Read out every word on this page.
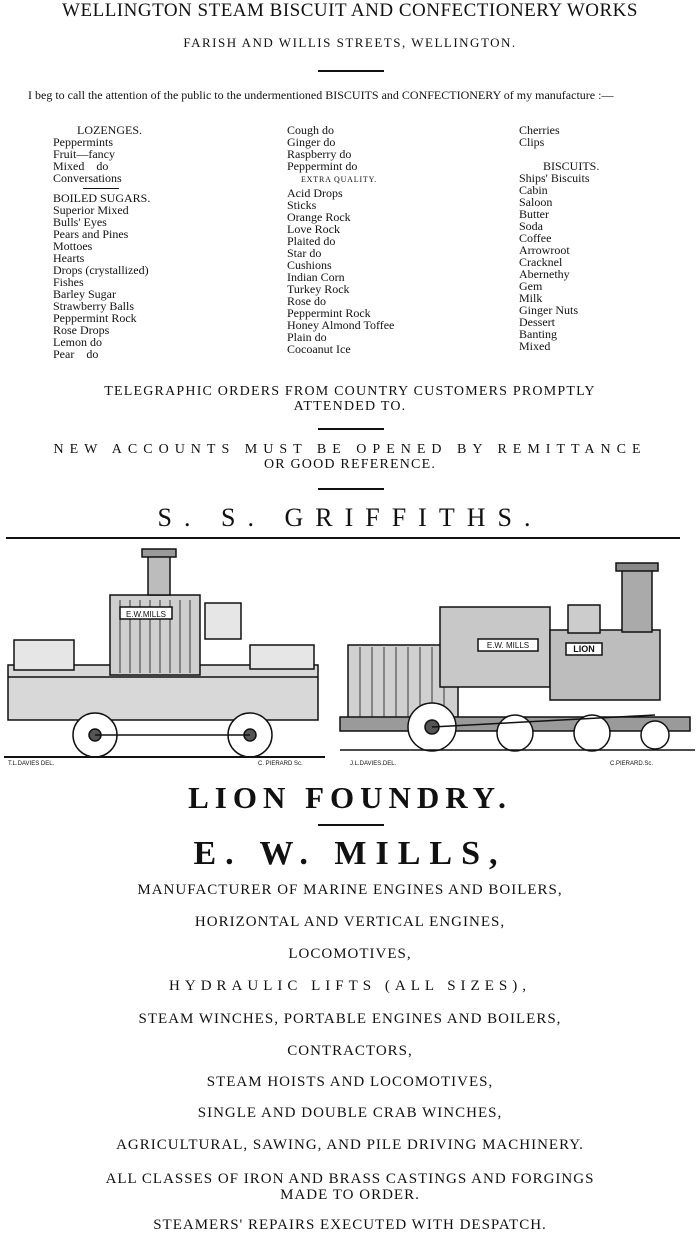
WELLINGTON STEAM BISCUIT AND CONFECTIONERY WORKS
FARISH AND WILLIS STREETS, WELLINGTON.
I beg to call the attention of the public to the undermentioned BISCUITS and CONFECTIONERY of my manufacture :—
LOZENGES.
Peppermints
Fruit—fancy
Mixed    do
Conversations
BOILED SUGARS.
Superior Mixed
Bulls' Eyes
Pears and Pines
Mottoes
Hearts
Drops (crystallized)
Fishes
Barley Sugar
Strawberry Balls
Peppermint Rock
Rose Drops
Lemon do
Pear    do
Cough do
Ginger do
Raspberry do
Peppermint do
EXTRA QUALITY.
Acid Drops
Sticks
Orange Rock
Love Rock
Plaited do
Star do
Cushions
Indian Corn
Turkey Rock
Rose do
Peppermint Rock
Honey Almond Toffee
Plain do
Cocoanut Ice
Cherries
Clips
BISCUITS.
Ships' Biscuits
Cabin
Saloon
Butter
Soda
Coffee
Arrowroot
Cracknel
Abernethy
Gem
Milk
Ginger Nuts
Dessert
Banting
Mixed
TELEGRAPHIC ORDERS FROM COUNTRY CUSTOMERS PROMPTLY
ATTENDED TO.
NEW ACCOUNTS MUST BE OPENED BY REMITTANCE
OR GOOD REFERENCE.
S. S. GRIFFITHS.
E.W.MILLS
E.W. MILLS	LION
T.L.DAVIES DEL.	C. PIERARD Sc.	J.L.DAVIES.DEL.	C.PIERARD.Sc.
LION FOUNDRY.
E. W. MILLS,
MANUFACTURER OF MARINE ENGINES AND BOILERS,
HORIZONTAL AND VERTICAL ENGINES,
LOCOMOTIVES,
HYDRAULIC LIFTS (ALL SIZES),
STEAM WINCHES, PORTABLE ENGINES AND BOILERS,
CONTRACTORS,
STEAM HOISTS AND LOCOMOTIVES,
SINGLE AND DOUBLE CRAB WINCHES,
AGRICULTURAL, SAWING, AND PILE DRIVING MACHINERY.
ALL CLASSES OF IRON AND BRASS CASTINGS AND FORGINGS
MADE TO ORDER.
STEAMERS' REPAIRS EXECUTED WITH DESPATCH.
